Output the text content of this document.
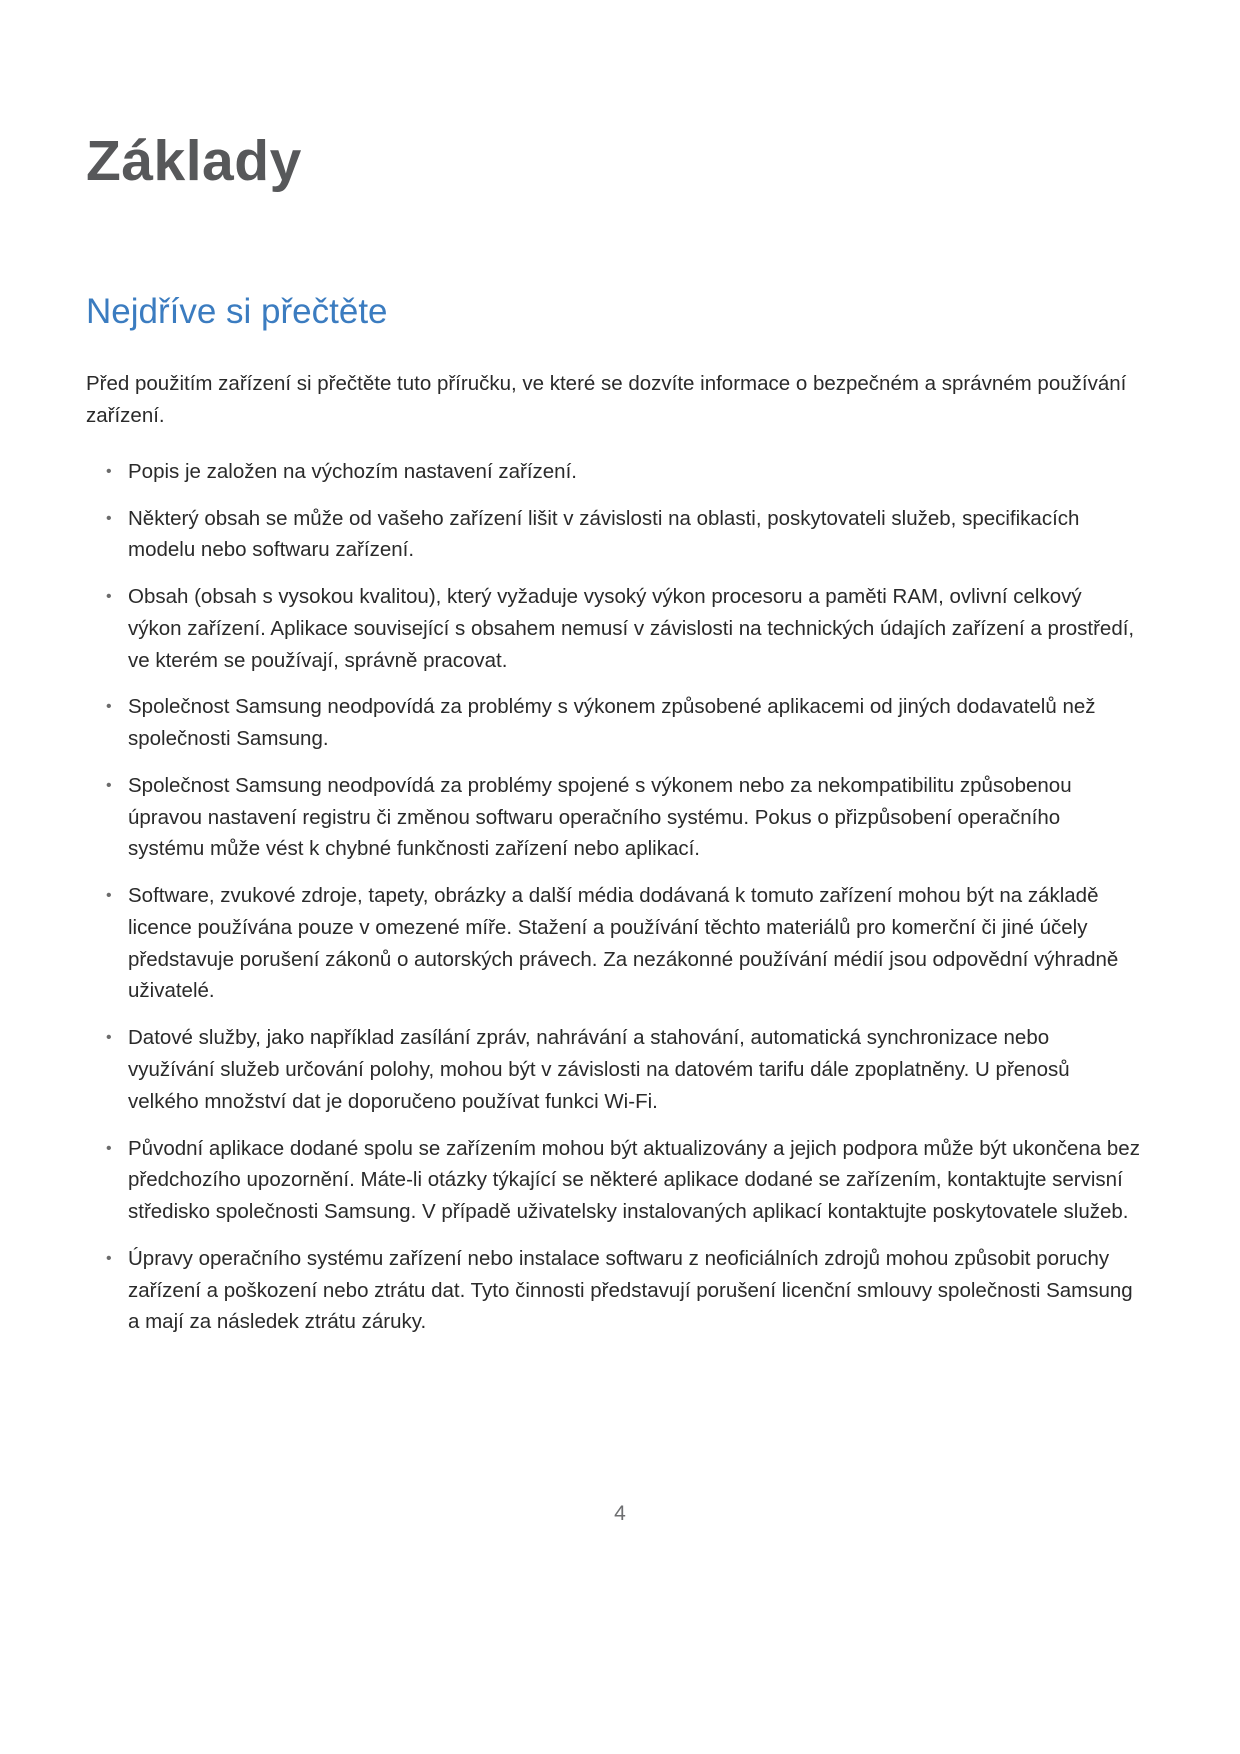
Základy
Nejdříve si přečtěte

Před použitím zařízení si přečtěte tuto příručku, ve které se dozvíte informace o bezpečném a správném používání zařízení.

• Popis je založen na výchozím nastavení zařízení.
• Některý obsah se může od vašeho zařízení lišit v závislosti na oblasti, poskytovateli služeb, specifikacích modelu nebo softwaru zařízení.
• Obsah (obsah s vysokou kvalitou), který vyžaduje vysoký výkon procesoru a paměti RAM, ovlivní celkový výkon zařízení. Aplikace související s obsahem nemusí v závislosti na technických údajích zařízení a prostředí, ve kterém se používají, správně pracovat.
• Společnost Samsung neodpovídá za problémy s výkonem způsobené aplikacemi od jiných dodavatelů než společnosti Samsung.
• Společnost Samsung neodpovídá za problémy spojené s výkonem nebo za nekompatibilitu způsobenou úpravou nastavení registru či změnou softwaru operačního systému. Pokus o přizpůsobení operačního systému může vést k chybné funkčnosti zařízení nebo aplikací.
• Software, zvukové zdroje, tapety, obrázky a další média dodávaná k tomuto zařízení mohou být na základě licence používána pouze v omezené míře. Stažení a používání těchto materiálů pro komerční či jiné účely představuje porušení zákonů o autorských právech. Za nezákonné používání médií jsou odpovědní výhradně uživatelé.
• Datové služby, jako například zasílání zpráv, nahrávání a stahování, automatická synchronizace nebo využívání služeb určování polohy, mohou být v závislosti na datovém tarifu dále zpoplatněny. U přenosů velkého množství dat je doporučeno používat funkci Wi-Fi.
• Původní aplikace dodané spolu se zařízením mohou být aktualizovány a jejich podpora může být ukončena bez předchozího upozornění. Máte-li otázky týkající se některé aplikace dodané se zařízením, kontaktujte servisní středisko společnosti Samsung. V případě uživatelsky instalovaných aplikací kontaktujte poskytovatele služeb.
• Úpravy operačního systému zařízení nebo instalace softwaru z neoficiálních zdrojů mohou způsobit poruchy zařízení a poškození nebo ztrátu dat. Tyto činnosti představují porušení licenční smlouvy společnosti Samsung a mají za následek ztrátu záruky.
4
